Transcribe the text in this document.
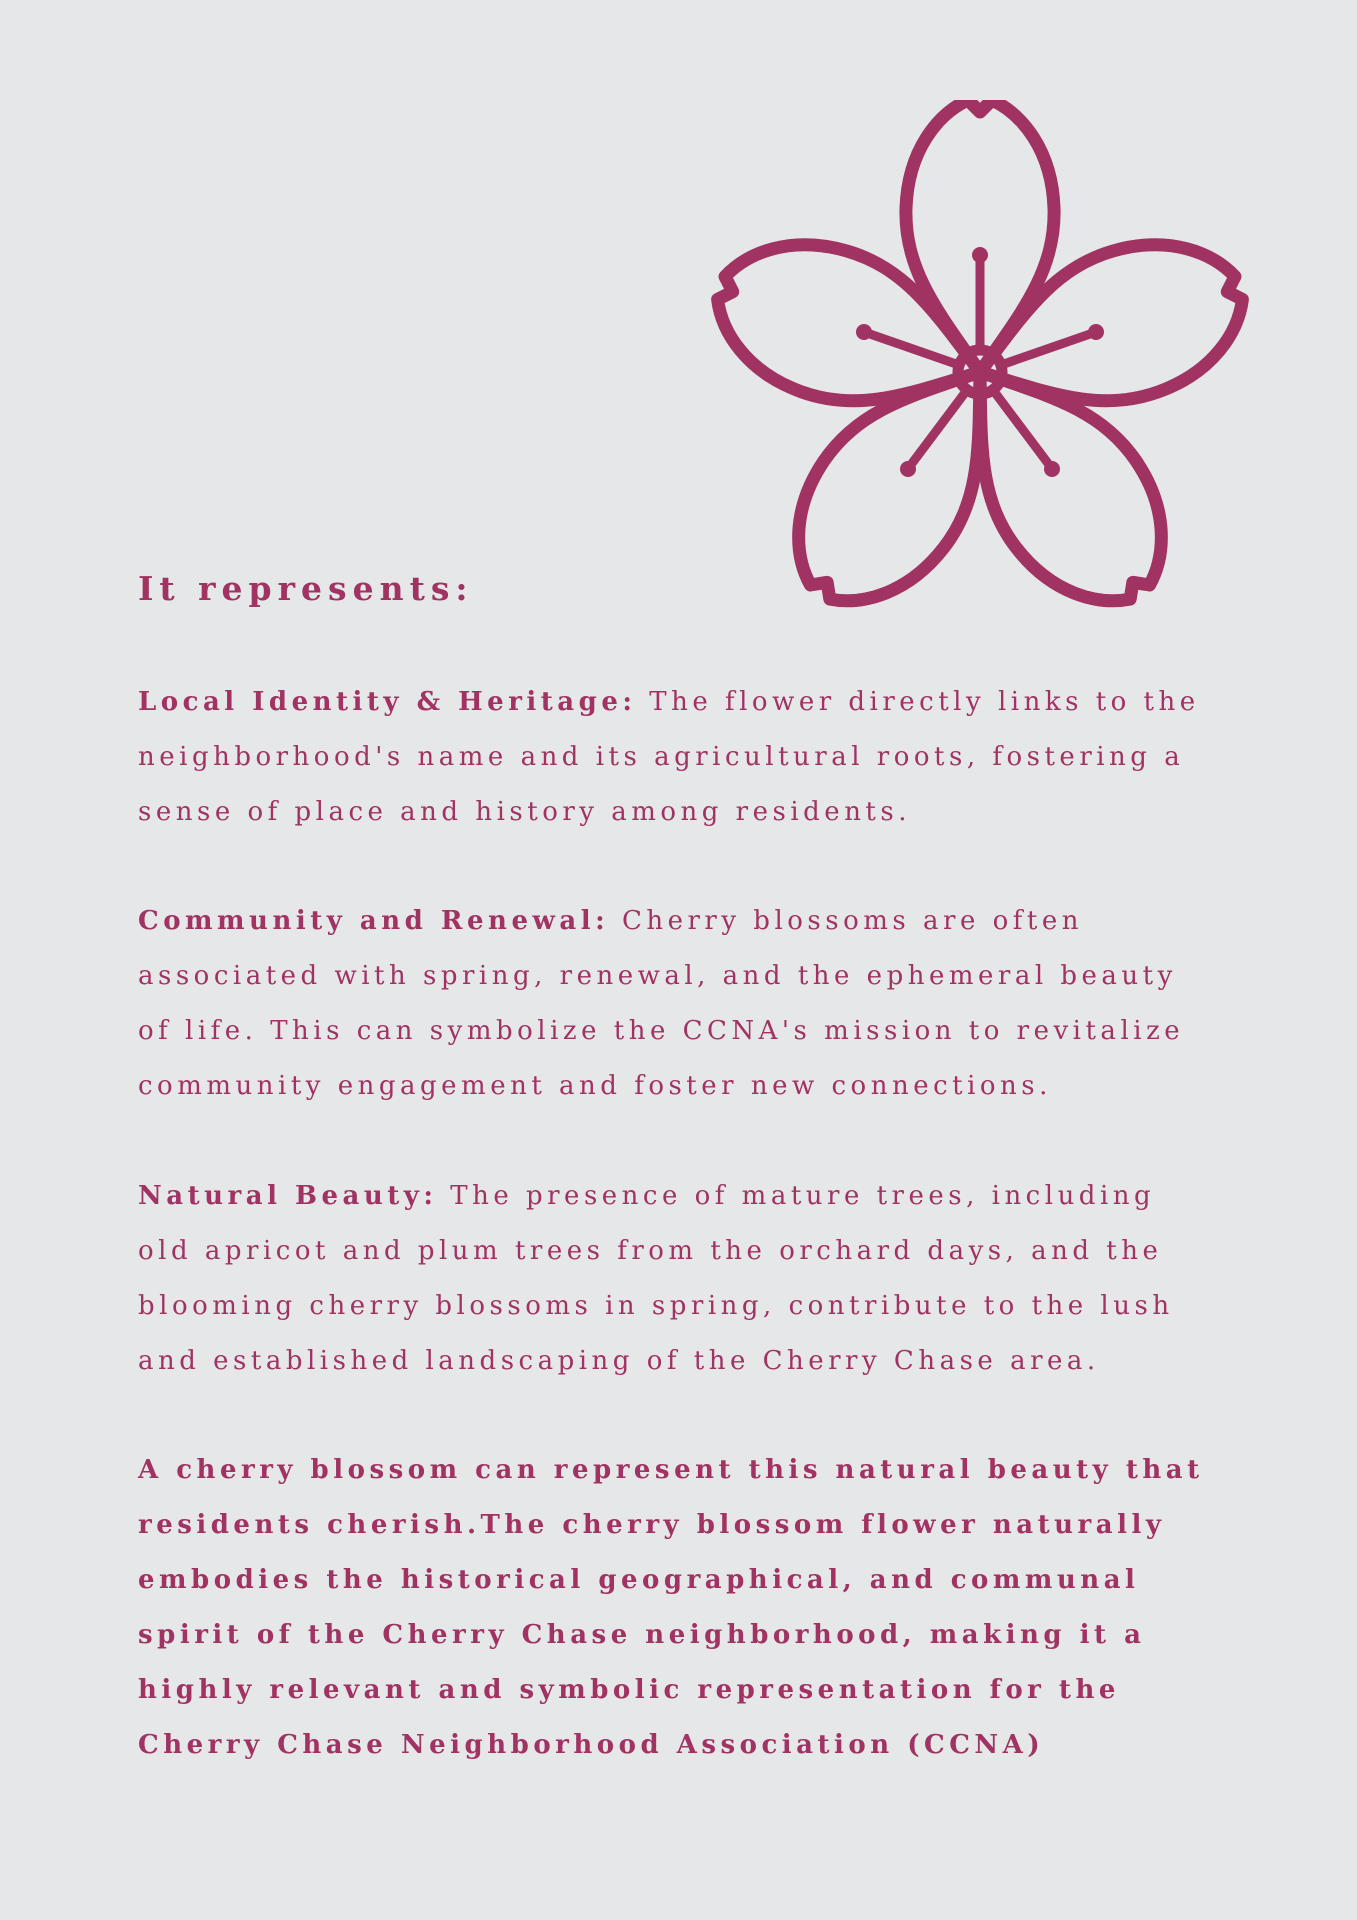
It represents:

Local Identity & Heritage: The flower directly links to the
neighborhood's name and its agricultural roots, fostering a
sense of place and history among residents.

Community and Renewal: Cherry blossoms are often
associated with spring, renewal, and the ephemeral beauty
of life. This can symbolize the CCNA's mission to revitalize
community engagement and foster new connections.

Natural Beauty: The presence of mature trees, including
old apricot and plum trees from the orchard days, and the
blooming cherry blossoms in spring, contribute to the lush
and established landscaping of the Cherry Chase area.

A cherry blossom can represent this natural beauty that
residents cherish.The cherry blossom flower naturally
embodies the historical geographical, and communal
spirit of the Cherry Chase neighborhood, making it a
highly relevant and symbolic representation for the
Cherry Chase Neighborhood Association (CCNA)
